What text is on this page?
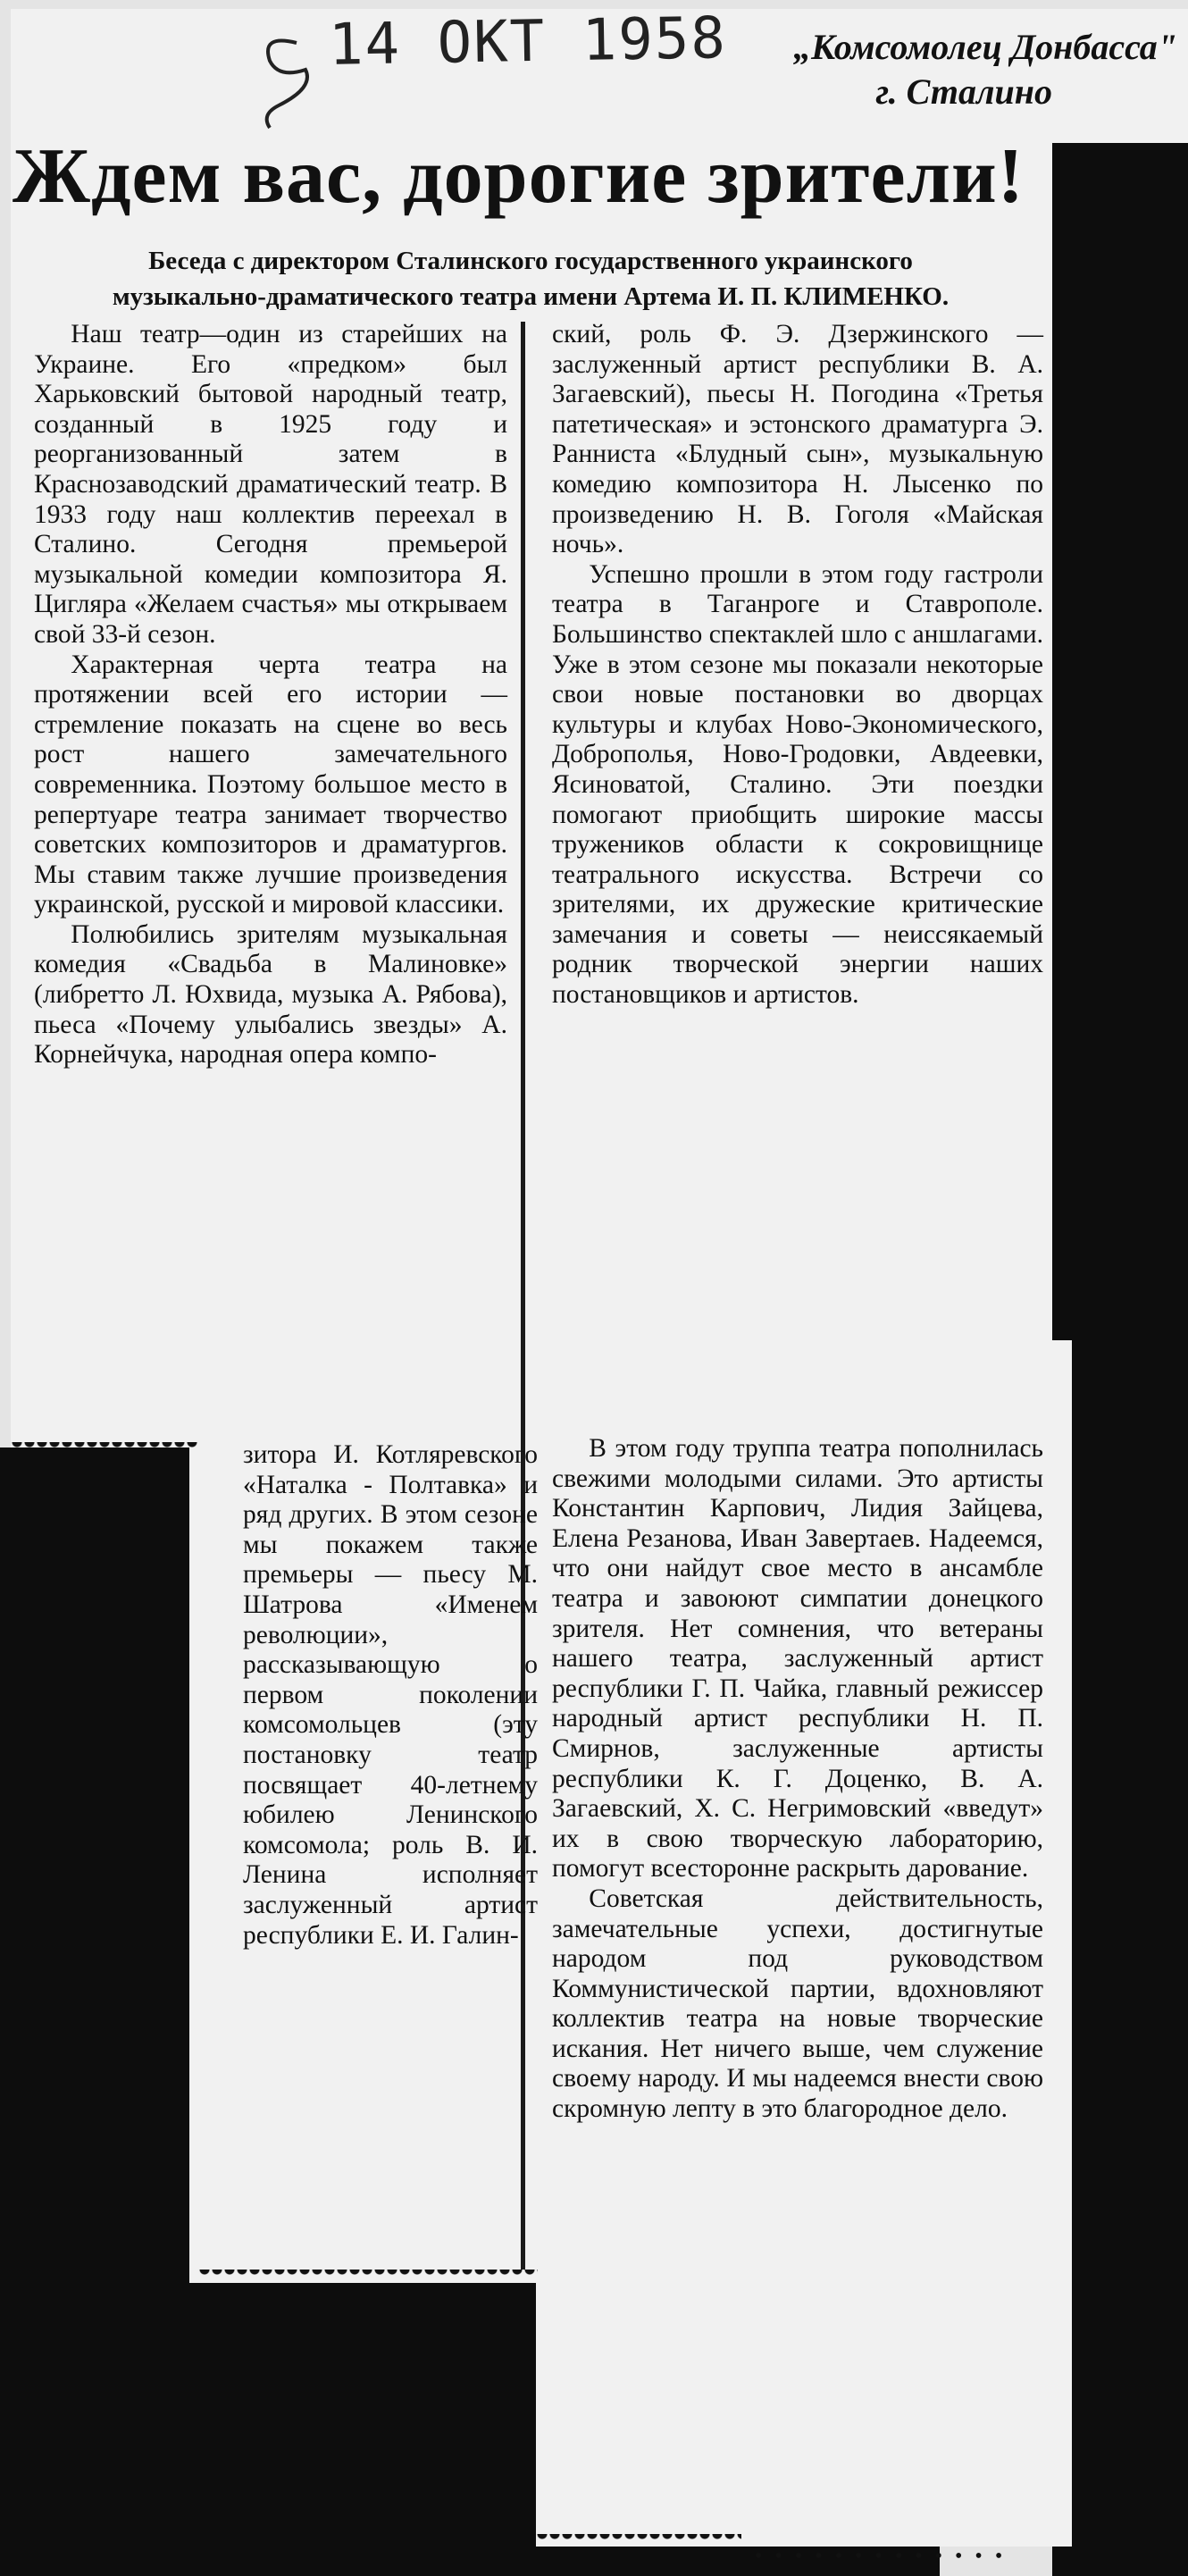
14 ОКТ 1958	„Комсомолец Донбасса"
г. Сталино
Ждем вас, дорогие зрители!
Беседа с директором Сталинского государственного украинского
музыкально-драматического театра имени Артема И. П. КЛИМЕНКО.

Наш театр—один из старейших на Украине. Его «предком» был Харьковский бытовой народный театр, созданный в 1925 году и реорганизованный затем в Краснозаводский драматический театр. В 1933 году наш коллектив переехал в Сталино. Сегодня премьерой музыкальной комедии композитора Я. Цигляра «Желаем счастья» мы открываем свой 33-й сезон.

Характерная черта театра на протяжении всей его истории — стремление показать на сцене во весь рост нашего замечательного современника. Поэтому большое место в репертуаре театра занимает творчество советских композиторов и драматургов. Мы ставим также лучшие произведения украинской, русской и мировой классики.

Полюбились зрителям музыкальная комедия «Свадьба в Малиновке» (либретто Л. Юхвида, музыка А. Рябова), пьеса «Почему улыбались звезды» А. Корнейчука, народная опера компо-

зитора И. Котляревского «Наталка - Полтавка» и ряд других. В этом сезоне мы покажем также премьеры — пьесу М. Шатрова «Именем революции», рассказывающую о первом поколении комсомольцев (эту постановку театр посвящает 40-летнему юбилею Ленинского комсомола; роль В. И. Ленина исполняет заслуженный артист республики Е. И. Галин-

ский, роль Ф. Э. Дзержинского — заслуженный артист республики В. А. Загаевский), пьесы Н. Погодина «Третья патетическая» и эстонского драматурга Э. Ранниста «Блудный сын», музыкальную комедию композитора Н. Лысенко по произведению Н. В. Гоголя «Майская ночь».

Успешно прошли в этом году гастроли театра в Таганроге и Ставрополе. Большинство спектаклей шло с аншлагами. Уже в этом сезоне мы показали некоторые свои новые постановки во дворцах культуры и клубах Ново-Экономического, Доброполья, Ново-Гродовки, Авдеевки, Ясиноватой, Сталино. Эти поездки помогают приобщить широкие массы тружеников области к сокровищнице театрального искусства. Встречи со зрителями, их дружеские критические замечания и советы — неиссякаемый родник творческой энергии наших постановщиков и артистов.

В этом году труппа театра пополнилась свежими молодыми силами. Это артисты Константин Карпович, Лидия Зайцева, Елена Резанова, Иван Завертаев. Надеемся, что они найдут свое место в ансамбле театра и завоюют симпатии донецкого зрителя. Нет сомнения, что ветераны нашего театра, заслуженный артист республики Г. П. Чайка, главный режиссер народный артист республики Н. П. Смирнов, заслуженные артисты республики К. Г. Доценко, В. А. Загаевский, Х. С. Негримовский «введут» их в свою творческую лабораторию, помогут всесторонне раскрыть дарование.

Советская действительность, замечательные успехи, достигнутые народом под руководством Коммунистической партии, вдохновляют коллектив театра на новые творческие искания. Нет ничего выше, чем служение своему народу. И мы надеемся внести свою скромную лепту в это благородное дело.

• • • • • • • • • • • • •
